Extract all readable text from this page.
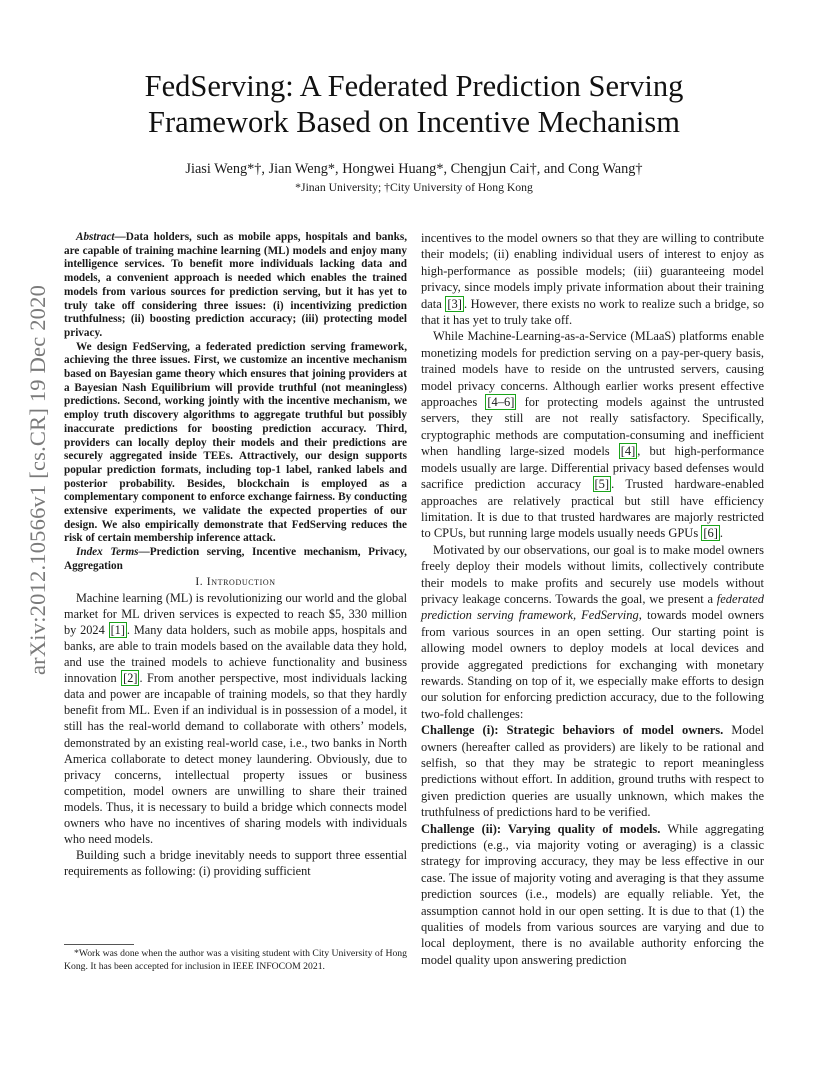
arXiv:2012.10566v1 [cs.CR] 19 Dec 2020
FedServing: A Federated Prediction Serving
Framework Based on Incentive Mechanism
Jiasi Weng*†, Jian Weng*, Hongwei Huang*, Chengjun Cai†, and Cong Wang†
*Jinan University; †City University of Hong Kong

Abstract—Data holders, such as mobile apps, hospitals and banks, are capable of training machine learning (ML) models and enjoy many intelligence services. To benefit more individuals lacking data and models, a convenient approach is needed which enables the trained models from various sources for prediction serving, but it has yet to truly take off considering three issues: (i) incentivizing prediction truthfulness; (ii) boosting prediction accuracy; (iii) protecting model privacy.

We design FedServing, a federated prediction serving framework, achieving the three issues. First, we customize an incentive mechanism based on Bayesian game theory which ensures that joining providers at a Bayesian Nash Equilibrium will provide truthful (not meaningless) predictions. Second, working jointly with the incentive mechanism, we employ truth discovery algorithms to aggregate truthful but possibly inaccurate predictions for boosting prediction accuracy. Third, providers can locally deploy their models and their predictions are securely aggregated inside TEEs. Attractively, our design supports popular prediction formats, including top-1 label, ranked labels and posterior probability. Besides, blockchain is employed as a complementary component to enforce exchange fairness. By conducting extensive experiments, we validate the expected properties of our design. We also empirically demonstrate that FedServing reduces the risk of certain membership inference attack.

Index Terms—Prediction serving, Incentive mechanism, Privacy, Aggregation

I. Introduction

Machine learning (ML) is revolutionizing our world and the global market for ML driven services is expected to reach $5, 330 million by 2024 [1] . Many data holders, such as mobile apps, hospitals and banks, are able to train models based on the available data they hold, and use the trained models to achieve functionality and business innovation [2] . From another perspective, most individuals lacking data and power are incapable of training models, so that they hardly benefit from ML. Even if an individual is in possession of a model, it still has the real-world demand to collaborate with others’ models, demonstrated by an existing real-world case, i.e., two banks in North America collaborate to detect money laundering. Obviously, due to privacy concerns, intellectual property issues or business competition, model owners are unwilling to share their trained models. Thus, it is necessary to build a bridge which connects model owners who have no incentives of sharing models with individuals who need models.

Building such a bridge inevitably needs to support three essential requirements as following: (i) providing sufficient

*Work was done when the author was a visiting student with City University of Hong Kong. It has been accepted for inclusion in IEEE INFOCOM 2021.

incentives to the model owners so that they are willing to contribute their models; (ii) enabling individual users of interest to enjoy as high-performance as possible models; (iii) guaranteeing model privacy, since models imply private information about their training data [3] . However, there exists no work to realize such a bridge, so that it has yet to truly take off.

While Machine-Learning-as-a-Service (MLaaS) platforms enable monetizing models for prediction serving on a pay-per-query basis, trained models have to reside on the untrusted servers, causing model privacy concerns. Although earlier works present effective approaches [4–6] for protecting models against the untrusted servers, they still are not really satisfactory. Specifically, cryptographic methods are computation-consuming and inefficient when handling large-sized models [4] , but high-performance models usually are large. Differential privacy based defenses would sacrifice prediction accuracy [5] . Trusted hardware-enabled approaches are relatively practical but still have efficiency limitation. It is due to that trusted hardwares are majorly restricted to CPUs, but running large models usually needs GPUs [6] .

Motivated by our observations, our goal is to make model owners freely deploy their models without limits, collectively contribute their models to make profits and securely use models without privacy leakage concerns. Towards the goal, we present a federated prediction serving framework, FedServing, towards model owners from various sources in an open setting. Our starting point is allowing model owners to deploy models at local devices and provide aggregated predictions for exchanging with monetary rewards. Standing on top of it, we especially make efforts to design our solution for enforcing prediction accuracy, due to the following two-fold challenges:

Challenge (i): Strategic behaviors of model owners. Model owners (hereafter called as providers) are likely to be rational and selfish, so that they may be strategic to report meaningless predictions without effort. In addition, ground truths with respect to given prediction queries are usually unknown, which makes the truthfulness of predictions hard to be verified.

Challenge (ii): Varying quality of models. While aggregating predictions (e.g., via majority voting or averaging) is a classic strategy for improving accuracy, they may be less effective in our case. The issue of majority voting and averaging is that they assume prediction sources (i.e., models) are equally reliable. Yet, the assumption cannot hold in our open setting. It is due to that (1) the qualities of models from various sources are varying and due to local deployment, there is no available authority enforcing the model quality upon answering prediction
